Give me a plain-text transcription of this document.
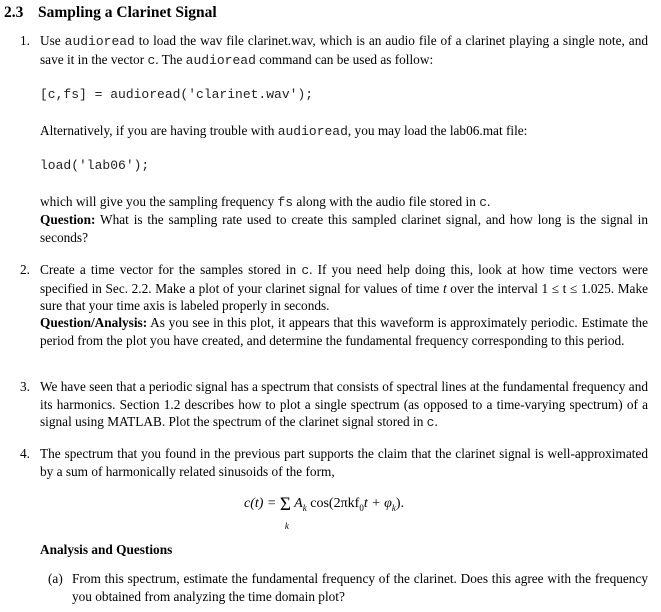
2.3 Sampling a Clarinet Signal
1. Use audioread to load the wav file clarinet.wav, which is an audio file of a clarinet playing a single note, and save it in the vector c. The audioread command can be used as follow:

[c,fs] = audioread('clarinet.wav');

Alternatively, if you are having trouble with audioread, you may load the lab06.mat file:

load('lab06');

which will give you the sampling frequency fs along with the audio file stored in c.

Question: What is the sampling rate used to create this sampled clarinet signal, and how long is the signal in seconds?

2. Create a time vector for the samples stored in c. If you need help doing this, look at how time vectors were specified in Sec. 2.2. Make a plot of your clarinet signal for values of time t over the interval 1 ≤ t ≤ 1.025. Make sure that your time axis is labeled properly in seconds.

Question/Analysis: As you see in this plot, it appears that this waveform is approximately periodic. Estimate the period from the plot you have created, and determine the fundamental frequency corresponding to this period.

3. We have seen that a periodic signal has a spectrum that consists of spectral lines at the fundamental frequency and its harmonics. Section 1.2 describes how to plot a single spectrum (as opposed to a time-varying spectrum) of a signal using MATLAB. Plot the spectrum of the clarinet signal stored in c.

4. The spectrum that you found in the previous part supports the claim that the clarinet signal is well-approximated by a sum of harmonically related sinusoids of the form,

c(t) = Σ
k
$A_k$ $\cos(2\pi kf_0t + \varphi_k)$.
Analysis and Questions
(a) From this spectrum, estimate the fundamental frequency of the clarinet. Does this agree with the frequency you obtained from analyzing the time domain plot?
